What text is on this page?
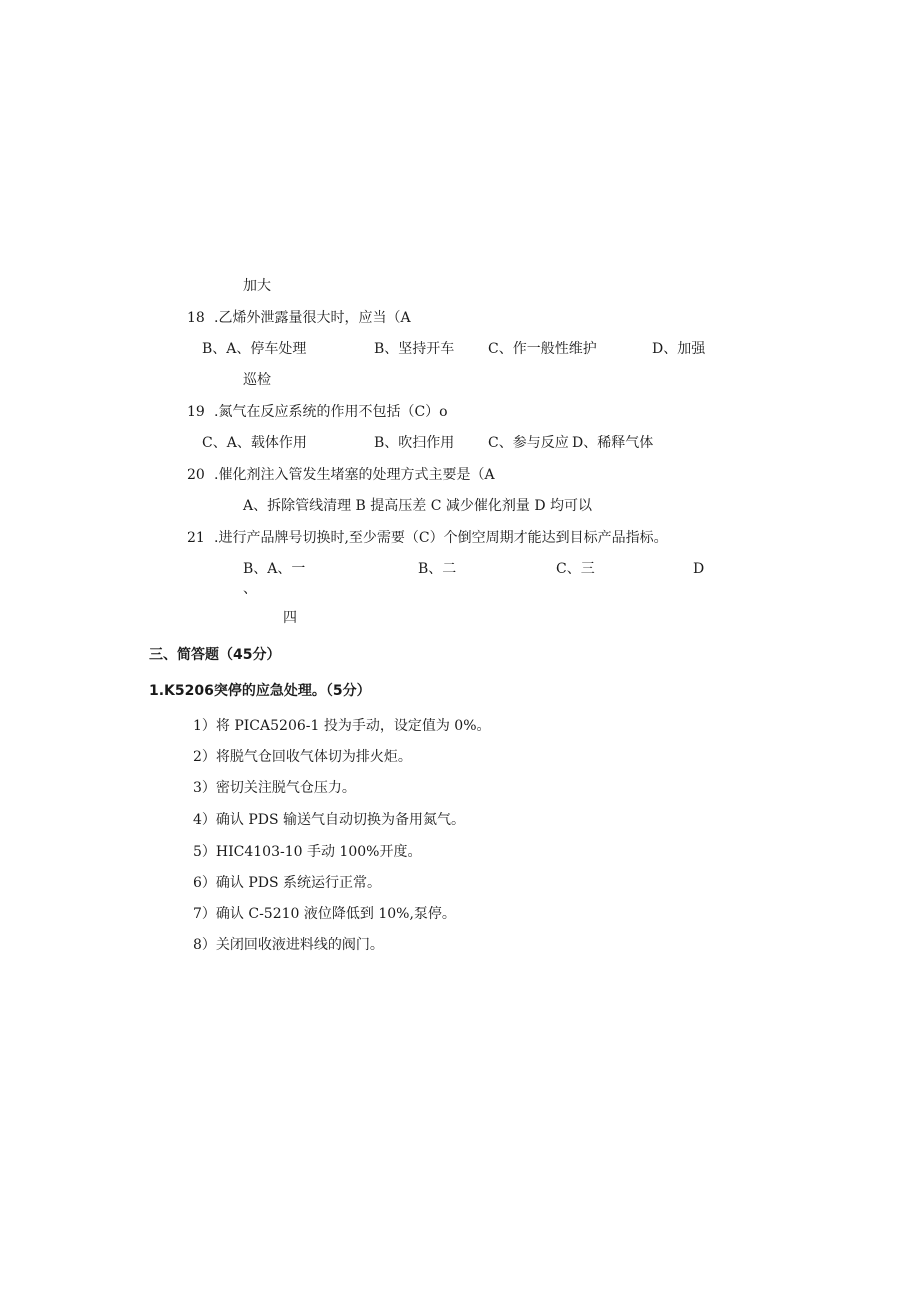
加大
18 .乙烯外泄露量很大时，应当（A
B、A、停车处理	B、坚持开车 C、作一般性维护	D、加强
巡检
19 .氮气在反应系统的作用不包括（C）o
C、A、载体作用	B、吹扫作用 C、参与反应 D、稀释气体
20 .催化剂注入管发生堵塞的处理方式主要是（A
A、拆除管线清理 B 提高压差 C 减少催化剂量 D 均可以
21 .进行产品牌号切换时,至少需要（C）个倒空周期才能达到目标产品指标。
B、A、一	B、二	C、三	D
、
四
三、简答题（45分）
1.K5206突停的应急处理。（5分）
1）将 PICA5206-1 投为手动，设定值为 0%。
2）将脱气仓回收气体切为排火炬。
3）密切关注脱气仓压力。
4）确认 PDS 输送气自动切换为备用氮气。
5）HIC4103-10 手动 100%开度。
6）确认 PDS 系统运行正常。
7）确认 C-5210 液位降低到 10%,泵停。
8）关闭回收液进料线的阀门。
